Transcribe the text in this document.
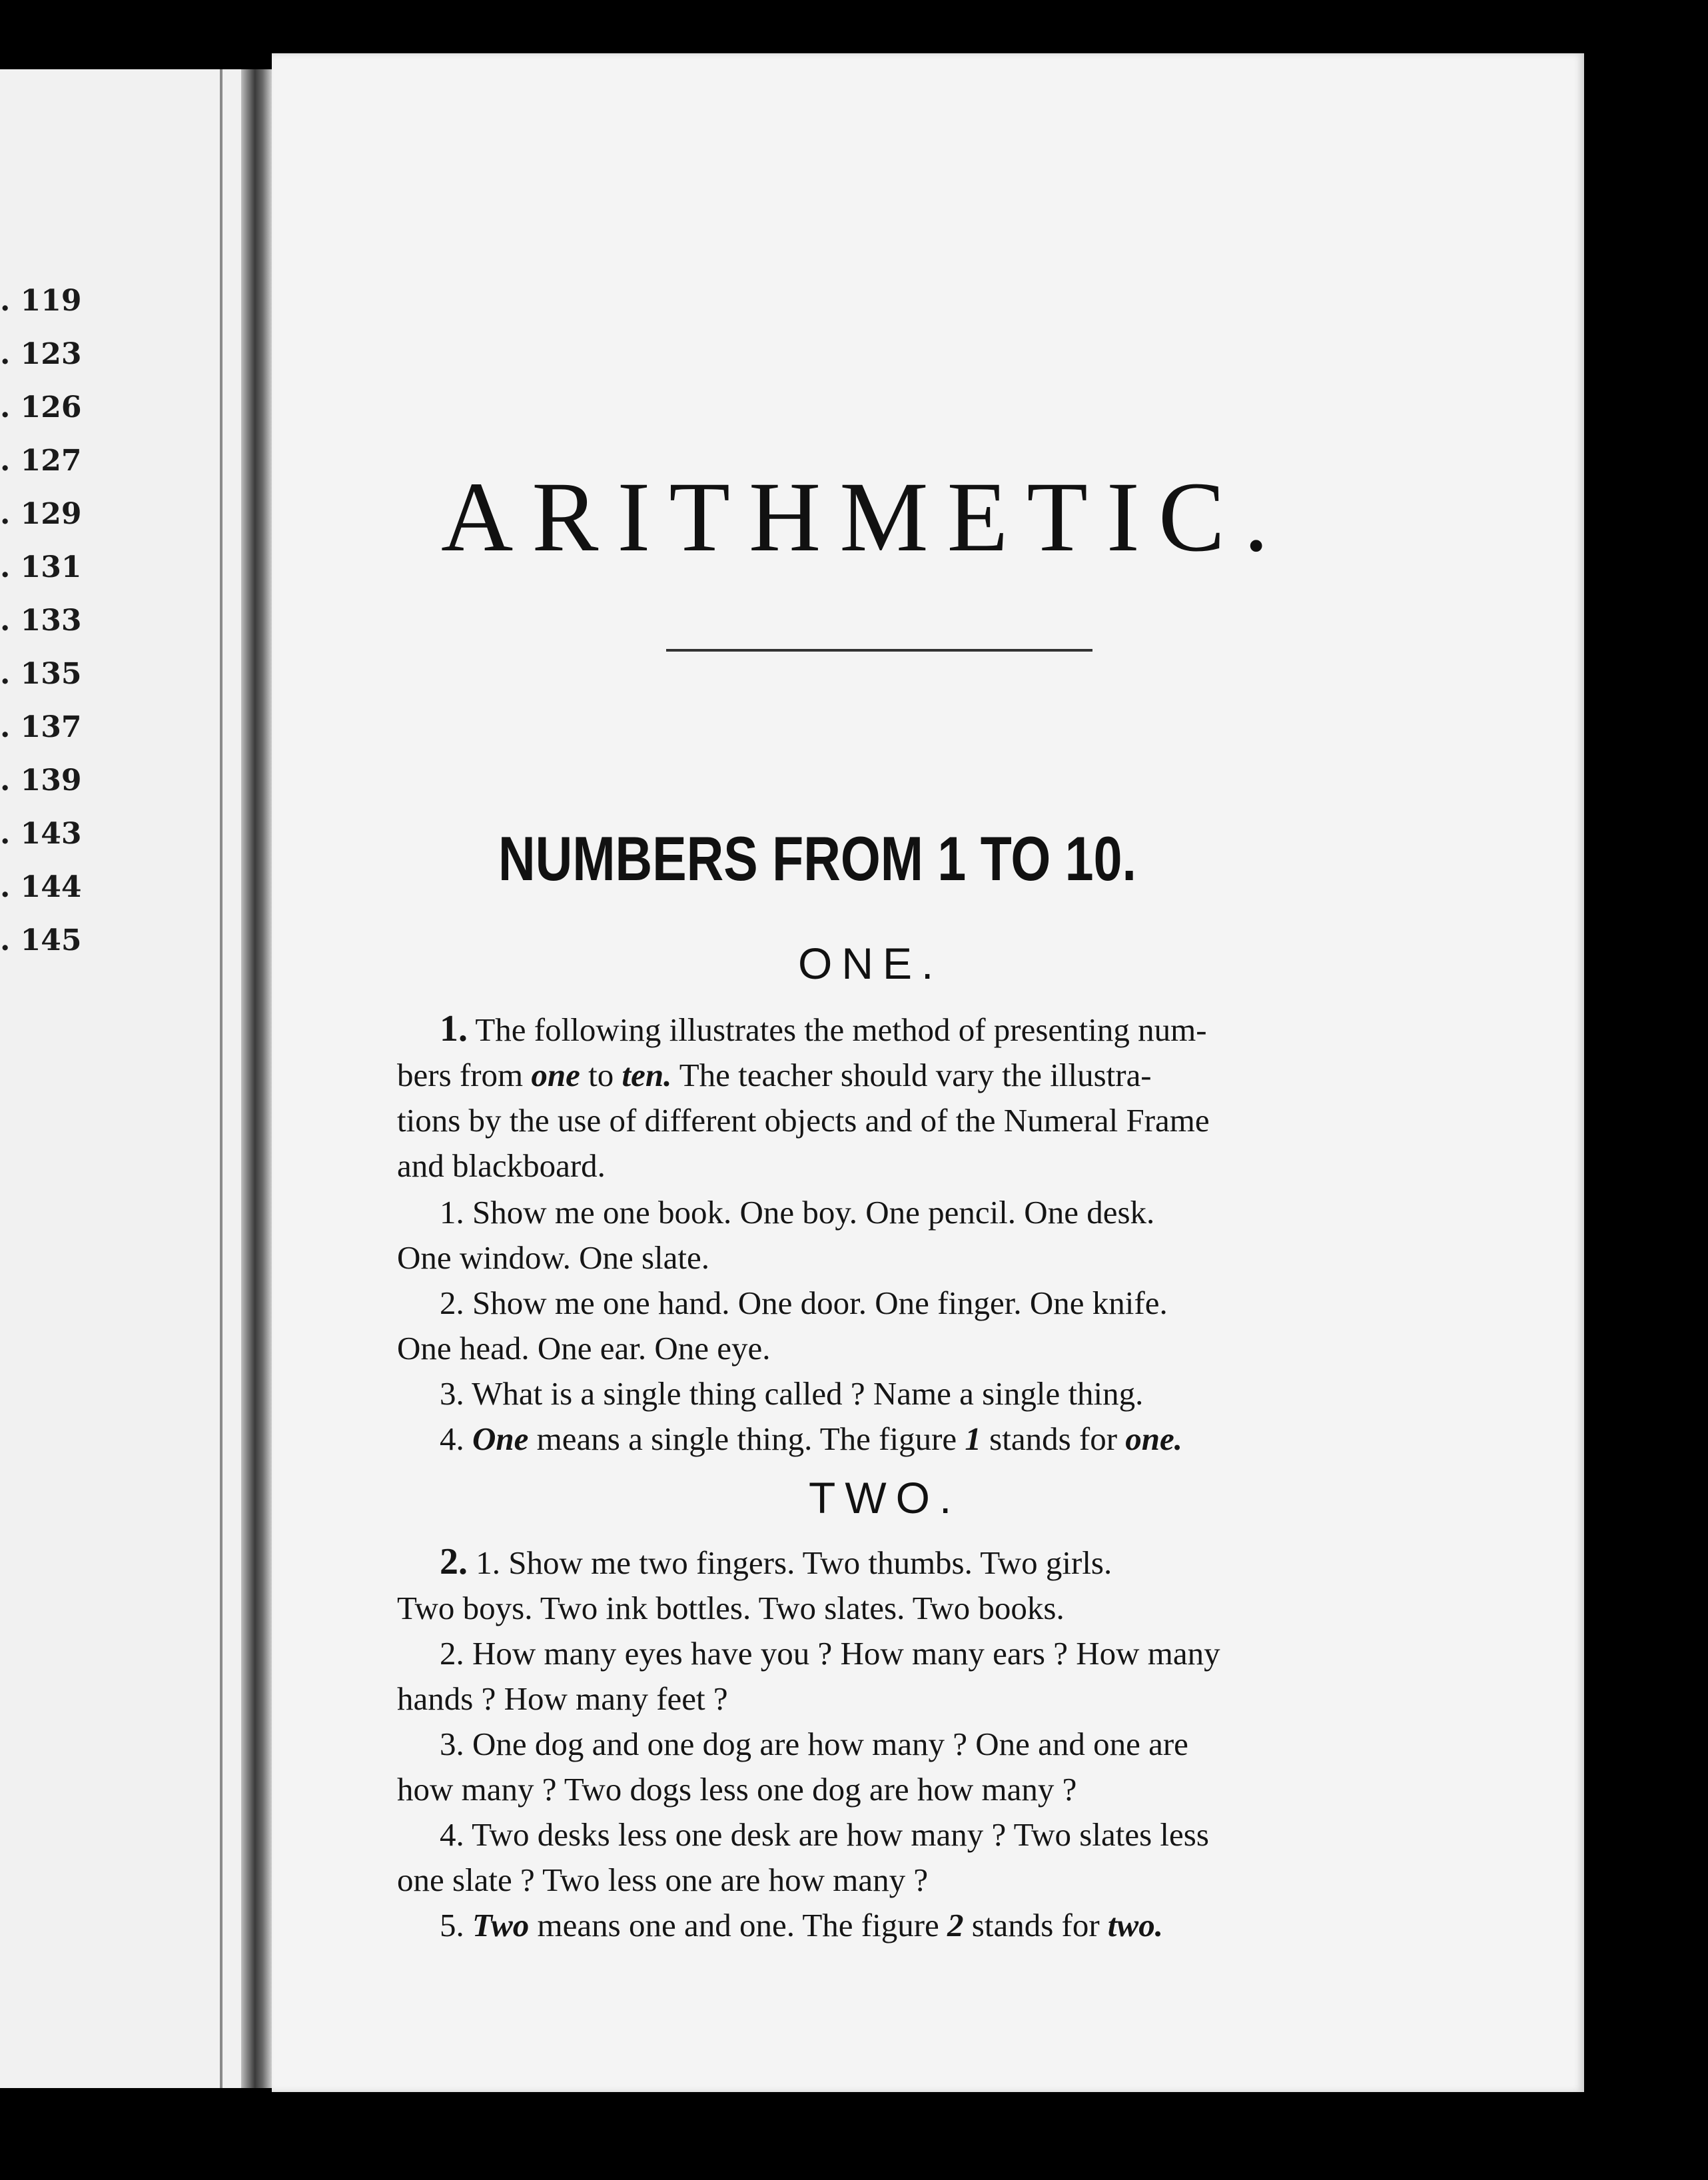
. 119
. 123
. 126
. 127
. 129
. 131
. 133
. 135
. 137
. 139
. 143
. 144
. 145
ARITHMETIC.
NUMBERS FROM 1 TO 10.
ONE.
1. The following illustrates the method of presenting num-
bers from one to ten. The teacher should vary the illustra-
tions by the use of different objects and of the Numeral Frame
and blackboard.
1. Show me one book. One boy. One pencil. One desk.
One window. One slate.
2. Show me one hand. One door. One finger. One knife.
One head. One ear. One eye.
3. What is a single thing called ? Name a single thing.
4. One means a single thing. The figure 1 stands for one.
TWO.
2. 1. Show me two fingers. Two thumbs. Two girls.
Two boys. Two ink bottles. Two slates. Two books.
2. How many eyes have you ? How many ears ? How many
hands ? How many feet ?
3. One dog and one dog are how many ? One and one are
how many ? Two dogs less one dog are how many ?
4. Two desks less one desk are how many ? Two slates less
one slate ? Two less one are how many ?
5. Two means one and one. The figure 2 stands for two.
